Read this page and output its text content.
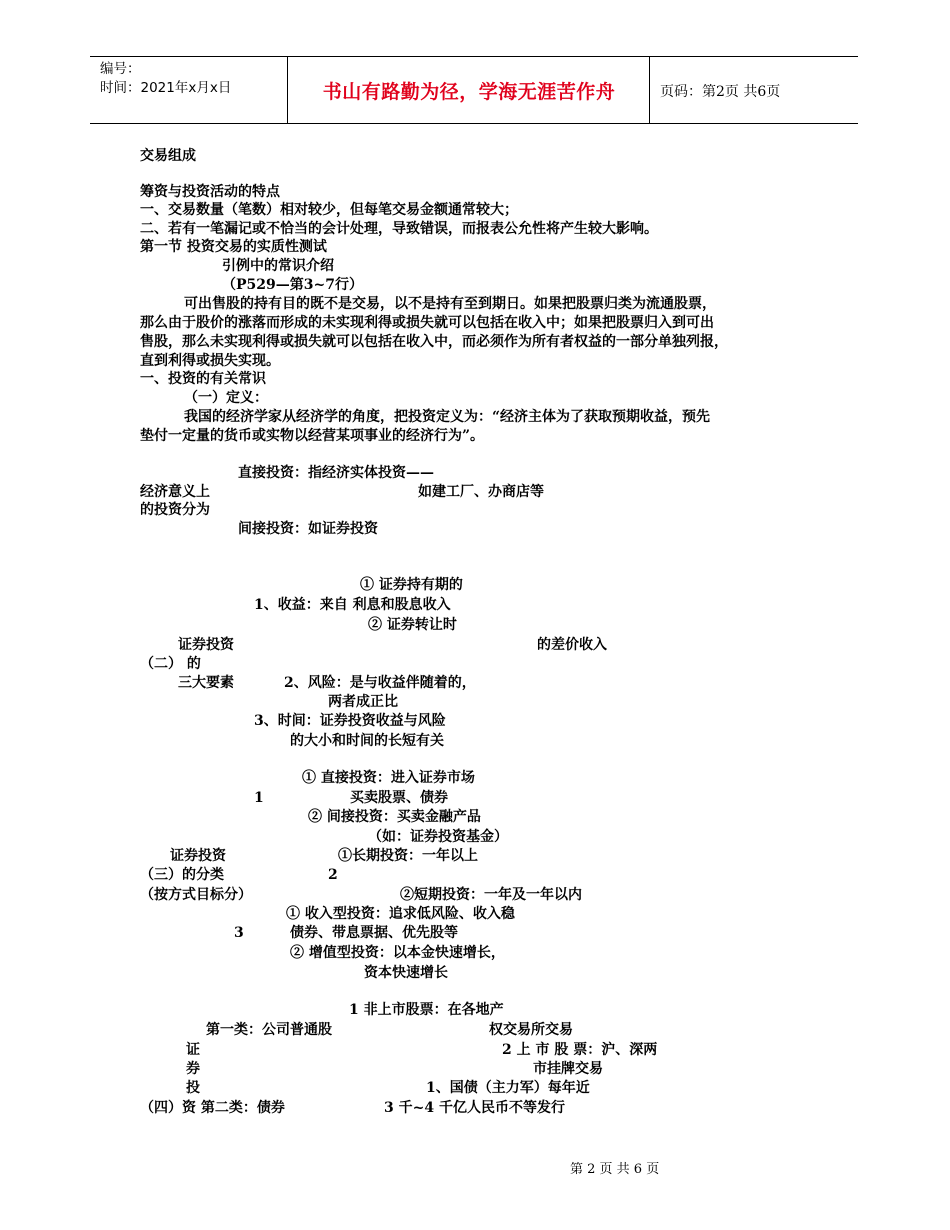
编号：
时间：2021年x月x日	书山有路勤为径，学海无涯苦作舟	页码：第2页 共6页
交易组成
筹资与投资活动的特点
一、交易数量（笔数）相对较少，但每笔交易金额通常较大；
二、若有一笔漏记或不恰当的会计处理，导致错误，而报表公允性将产生较大影响。
第一节 投资交易的实质性测试
引例中的常识介绍
（P529—第3~7行）
可出售股的持有目的既不是交易，以不是持有至到期日。如果把股票归类为流通股票，
那么由于股价的涨落而形成的未实现利得或损失就可以包括在收入中；如果把股票归入到可出
售股，那么未实现利得或损失就可以包括在收入中，而必须作为所有者权益的一部分单独列报，
直到利得或损失实现。
一、投资的有关常识
（一）定义：
我国的经济学家从经济学的角度，把投资定义为：“经济主体为了获取预期收益，预先
垫付一定量的货币或实物以经营某项事业的经济行为”。
直接投资：指经济实体投资——
经济意义上	如建工厂、办商店等
的投资分为
间接投资：如证券投资
① 证券持有期的
1、收益：来自 利息和股息收入
② 证券转让时
证券投资	的差价收入
（二） 的
三大要素	2、风险：是与收益伴随着的，
两者成正比
3、时间：证券投资收益与风险
的大小和时间的长短有关
① 直接投资：进入证券市场
1	买卖股票、债券
② 间接投资：买卖金融产品
（如：证券投资基金）
证券投资	①长期投资：一年以上
（三）的分类	2
（按方式目标分）	②短期投资：一年及一年以内
① 收入型投资：追求低风险、收入稳
3	债券、带息票据、优先股等
② 增值型投资：以本金快速增长，
资本快速增长
1 非上市股票：在各地产
第一类：公司普通股	权交易所交易
证	2 上 市 股 票：沪、深两
券	市挂牌交易
投	1、国债（主力军）每年近
（四）资 第二类：债券	3 千~4 千亿人民币不等发行
第 2 页 共 6 页
